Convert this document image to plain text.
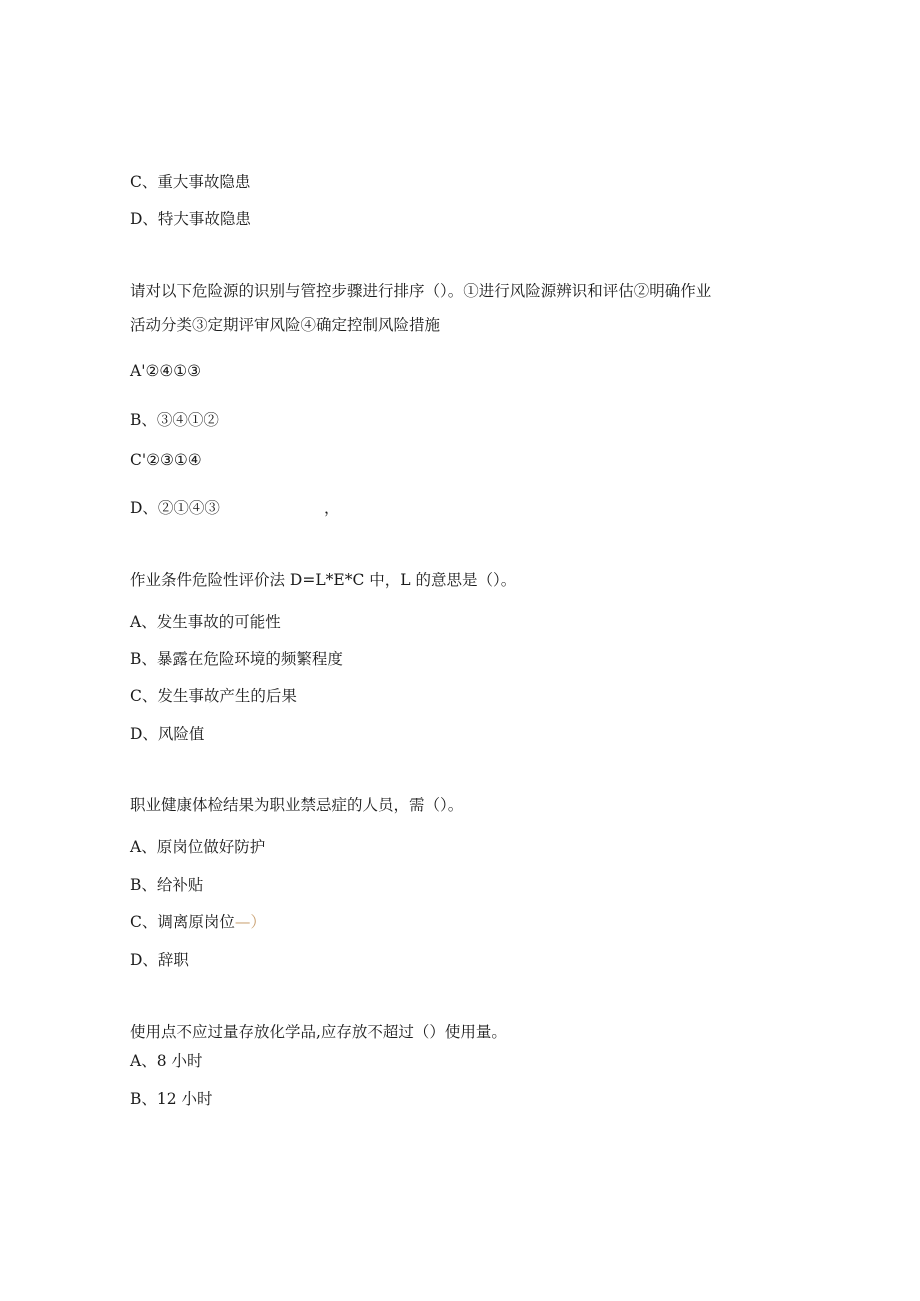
C、重大事故隐患
D、特大事故隐患
请对以下危险源的识别与管控步骤进行排序（）。①进行风险源辨识和评估②明确作业
活动分类③定期评审风险④确定控制风险措施
A'②④①③
B、③④①②
C'②③①④
D、②①④③	，
作业条件危险性评价法 D=L*E*C 中，L 的意思是（）。
A、发生事故的可能性
B、暴露在危险环境的频繁程度
C、发生事故产生的后果
D、风险值
职业健康体检结果为职业禁忌症的人员，需（）。
A、原岗位做好防护
B、给补贴
C、调离原岗位—）
D、辞职
使用点不应过量存放化学品,应存放不超过（）使用量。
A、8 小时
B、12 小时
